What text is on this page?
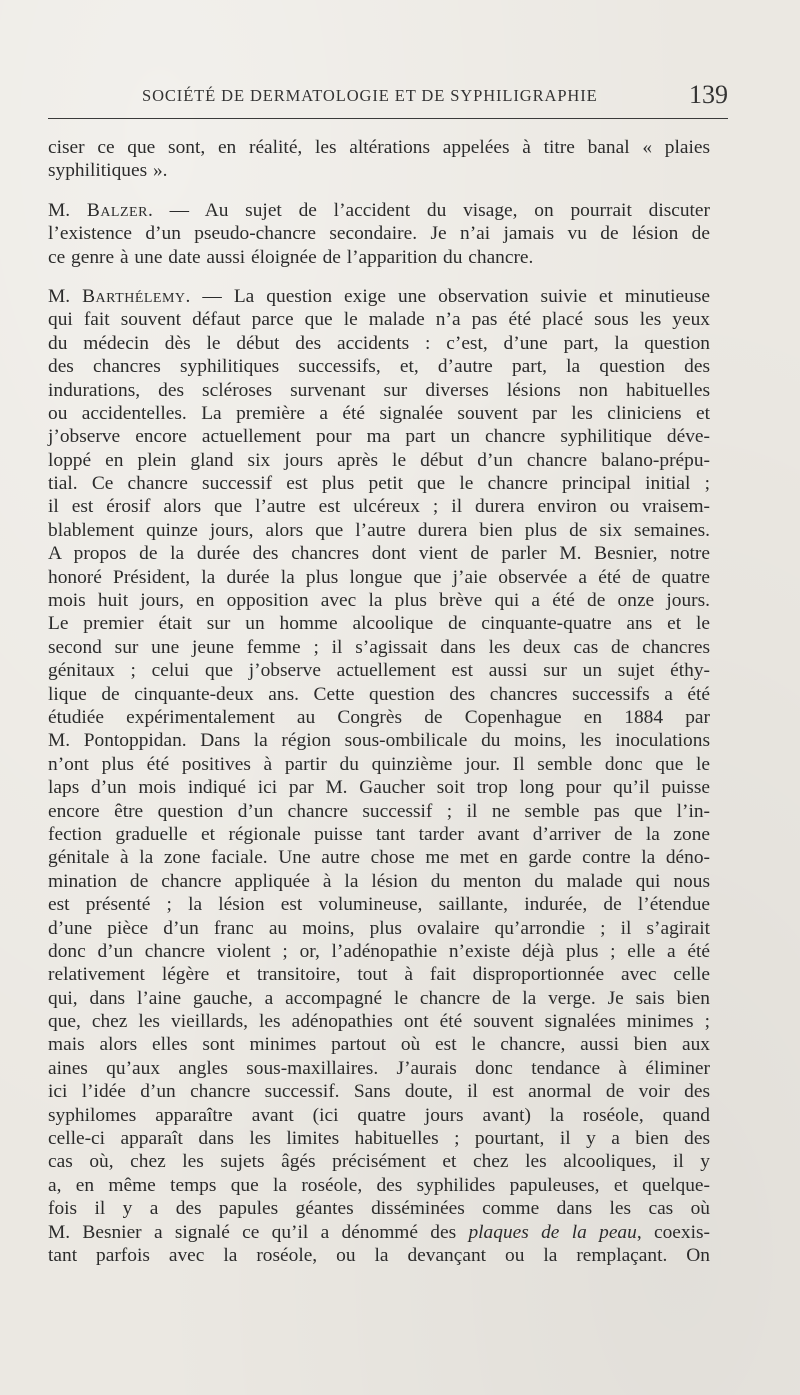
SOCIÉTÉ DE DERMATOLOGIE ET DE SYPHILIGRAPHIE	139
ciser ce que sont, en réalité, les altérations appelées à titre banal « plaies
syphilitiques ».
M. Balzer. — Au sujet de l’accident du visage, on pourrait discuter
l’existence d’un pseudo-chancre secondaire. Je n’ai jamais vu de lésion de
ce genre à une date aussi éloignée de l’apparition du chancre.
M. Barthélemy. — La question exige une observation suivie et minutieuse
qui fait souvent défaut parce que le malade n’a pas été placé sous les yeux
du médecin dès le début des accidents : c’est, d’une part, la question
des chancres syphilitiques successifs, et, d’autre part, la question des
indurations, des scléroses survenant sur diverses lésions non habituelles
ou accidentelles. La première a été signalée souvent par les cliniciens et
j’observe encore actuellement pour ma part un chancre syphilitique déve-
loppé en plein gland six jours après le début d’un chancre balano-prépu-
tial. Ce chancre successif est plus petit que le chancre principal initial ;
il est érosif alors que l’autre est ulcéreux ; il durera environ ou vraisem-
blablement quinze jours, alors que l’autre durera bien plus de six semaines.
A propos de la durée des chancres dont vient de parler M. Besnier, notre
honoré Président, la durée la plus longue que j’aie observée a été de quatre
mois huit jours, en opposition avec la plus brève qui a été de onze jours.
Le premier était sur un homme alcoolique de cinquante-quatre ans et le
second sur une jeune femme ; il s’agissait dans les deux cas de chancres
génitaux ; celui que j’observe actuellement est aussi sur un sujet éthy-
lique de cinquante-deux ans. Cette question des chancres successifs a été
étudiée expérimentalement au Congrès de Copenhague en 1884 par
M. Pontoppidan. Dans la région sous-ombilicale du moins, les inoculations
n’ont plus été positives à partir du quinzième jour. Il semble donc que le
laps d’un mois indiqué ici par M. Gaucher soit trop long pour qu’il puisse
encore être question d’un chancre successif ; il ne semble pas que l’in-
fection graduelle et régionale puisse tant tarder avant d’arriver de la zone
génitale à la zone faciale. Une autre chose me met en garde contre la déno-
mination de chancre appliquée à la lésion du menton du malade qui nous
est présenté ; la lésion est volumineuse, saillante, indurée, de l’étendue
d’une pièce d’un franc au moins, plus ovalaire qu’arrondie ; il s’agirait
donc d’un chancre violent ; or, l’adénopathie n’existe déjà plus ; elle a été
relativement légère et transitoire, tout à fait disproportionnée avec celle
qui, dans l’aine gauche, a accompagné le chancre de la verge. Je sais bien
que, chez les vieillards, les adénopathies ont été souvent signalées minimes ;
mais alors elles sont minimes partout où est le chancre, aussi bien aux
aines qu’aux angles sous-maxillaires. J’aurais donc tendance à éliminer
ici l’idée d’un chancre successif. Sans doute, il est anormal de voir des
syphilomes apparaître avant (ici quatre jours avant) la roséole, quand
celle-ci apparaît dans les limites habituelles ; pourtant, il y a bien des
cas où, chez les sujets âgés précisément et chez les alcooliques, il y
a, en même temps que la roséole, des syphilides papuleuses, et quelque-
fois il y a des papules géantes disséminées comme dans les cas où
M. Besnier a signalé ce qu’il a dénommé des plaques de la peau, coexis-
tant parfois avec la roséole, ou la devançant ou la remplaçant. On
